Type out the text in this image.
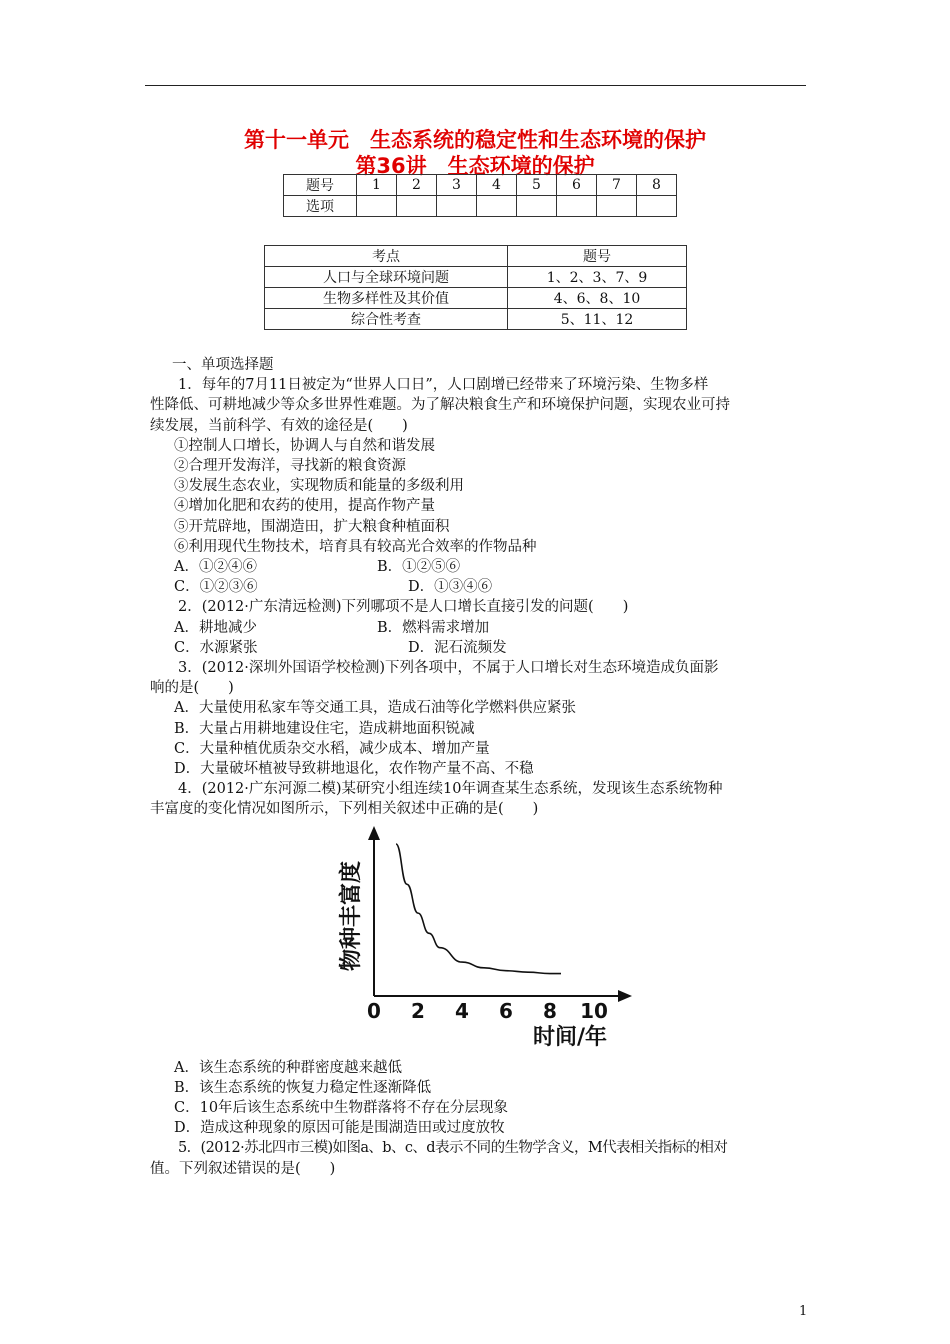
第十一单元　生态系统的稳定性和生态环境的保护
第36讲　生态环境的保护
题号	1	2	3	4	5	6	7	8
选项								
考点	题号
人口与全球环境问题	1、2、3、7、9
生物多样性及其价值	4、6、8、10
综合性考查	5、11、12

一、单项选择题

1．每年的7月11日被定为“世界人口日”，人口剧增已经带来了环境污染、生物多样

性降低、可耕地减少等众多世界性难题。为了解决粮食生产和环境保护问题，实现农业可持

续发展，当前科学、有效的途径是(　　)

①控制人口增长，协调人与自然和谐发展

②合理开发海洋，寻找新的粮食资源

③发展生态农业，实现物质和能量的多级利用

④增加化肥和农药的使用，提高作物产量

⑤开荒辟地，围湖造田，扩大粮食种植面积

⑥利用现代生物技术，培育具有较高光合效率的作物品种

A．①②④⑥	B．①②⑤⑥

C．①②③⑥	D．①③④⑥

2．(2012·广东清远检测)下列哪项不是人口增长直接引发的问题(　　)

A．耕地减少	B．燃料需求增加

C．水源紧张	D．泥石流频发

3．(2012·深圳外国语学校检测)下列各项中，不属于人口增长对生态环境造成负面影

响的是(　　)

A．大量使用私家车等交通工具，造成石油等化学燃料供应紧张

B．大量占用耕地建设住宅，造成耕地面积锐减

C．大量种植优质杂交水稻，减少成本、增加产量

D．大量破坏植被导致耕地退化，农作物产量不高、不稳

4．(2012·广东河源二模)某研究小组连续10年调查某生态系统，发现该生态系统物种

丰富度的变化情况如图所示，下列相关叙述中正确的是(　　)

物种丰富度
时间/年
0 2 4 6 8 10

A．该生态系统的种群密度越来越低

B．该生态系统的恢复力稳定性逐渐降低

C．10年后该生态系统中生物群落将不存在分层现象

D．造成这种现象的原因可能是围湖造田或过度放牧

5．(2012·苏北四市三模)如图a、b、c、d表示不同的生物学含义，M代表相关指标的相对

值。下列叙述错误的是(　　)

1
